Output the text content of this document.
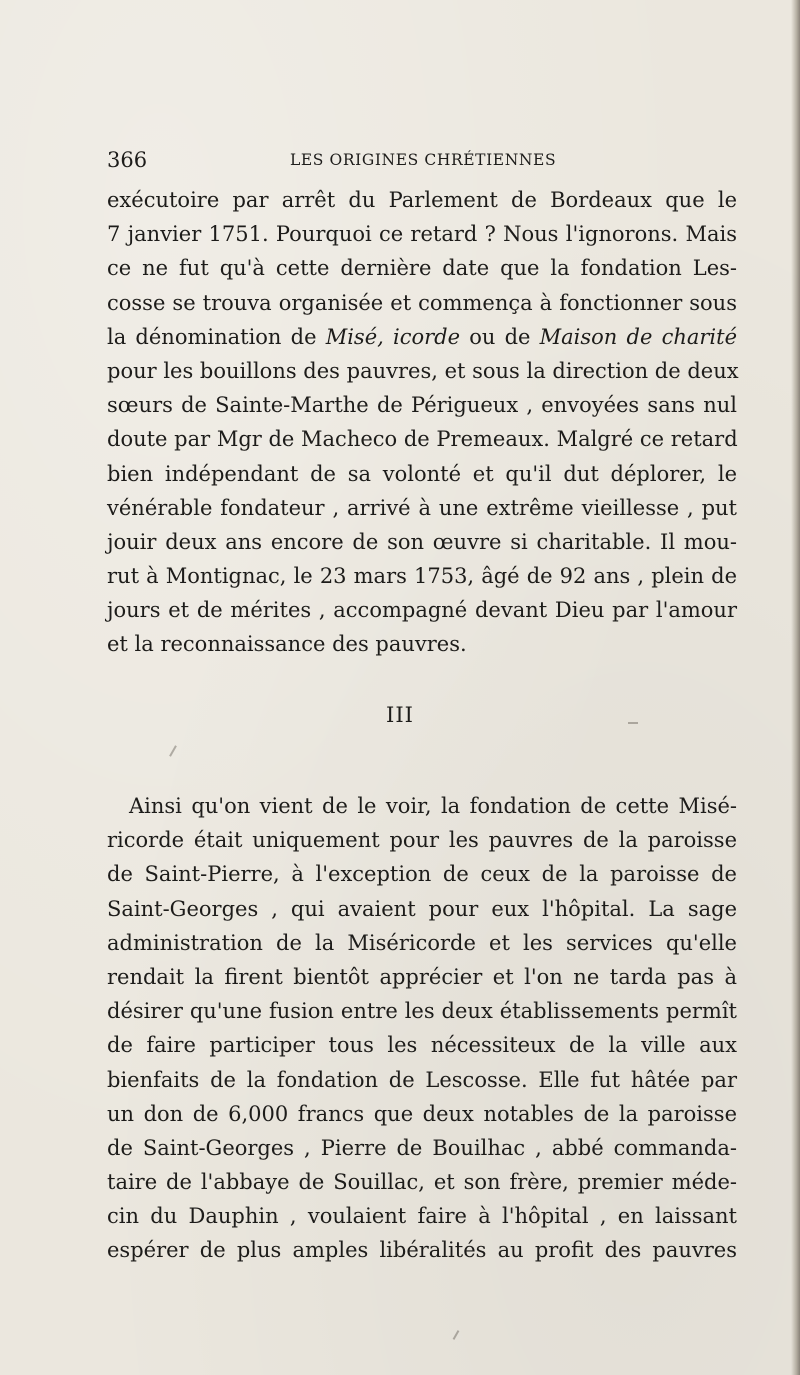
366	LES ORIGINES CHRÉTIENNES
exécutoire par arrêt du Parlement de Bordeaux que le
7 janvier 1751. Pourquoi ce retard ? Nous l'ignorons. Mais
ce ne fut qu'à cette dernière date que la fondation Les-
cosse se trouva organisée et commença à fonctionner sous
la dénomination de Misé, icorde ou de Maison de charité
pour les bouillons des pauvres, et sous la direction de deux
sœurs de Sainte-Marthe de Périgueux , envoyées sans nul
doute par Mgr de Macheco de Premeaux. Malgré ce retard
bien indépendant de sa volonté et qu'il dut déplorer, le
vénérable fondateur , arrivé à une extrême vieillesse , put
jouir deux ans encore de son œuvre si charitable. Il mou-
rut à Montignac, le 23 mars 1753, âgé de 92 ans , plein de
jours et de mérites , accompagné devant Dieu par l'amour
et la reconnaissance des pauvres.
III
Ainsi qu'on vient de le voir, la fondation de cette Misé-
ricorde était uniquement pour les pauvres de la paroisse
de Saint-Pierre, à l'exception de ceux de la paroisse de
Saint-Georges , qui avaient pour eux l'hôpital. La sage
administration de la Miséricorde et les services qu'elle
rendait la firent bientôt apprécier et l'on ne tarda pas à
désirer qu'une fusion entre les deux établissements permît
de faire participer tous les nécessiteux de la ville aux
bienfaits de la fondation de Lescosse. Elle fut hâtée par
un don de 6,000 francs que deux notables de la paroisse
de Saint-Georges , Pierre de Bouilhac , abbé commanda-
taire de l'abbaye de Souillac, et son frère, premier méde-
cin du Dauphin , voulaient faire à l'hôpital , en laissant
espérer de plus amples libéralités au profit des pauvres
